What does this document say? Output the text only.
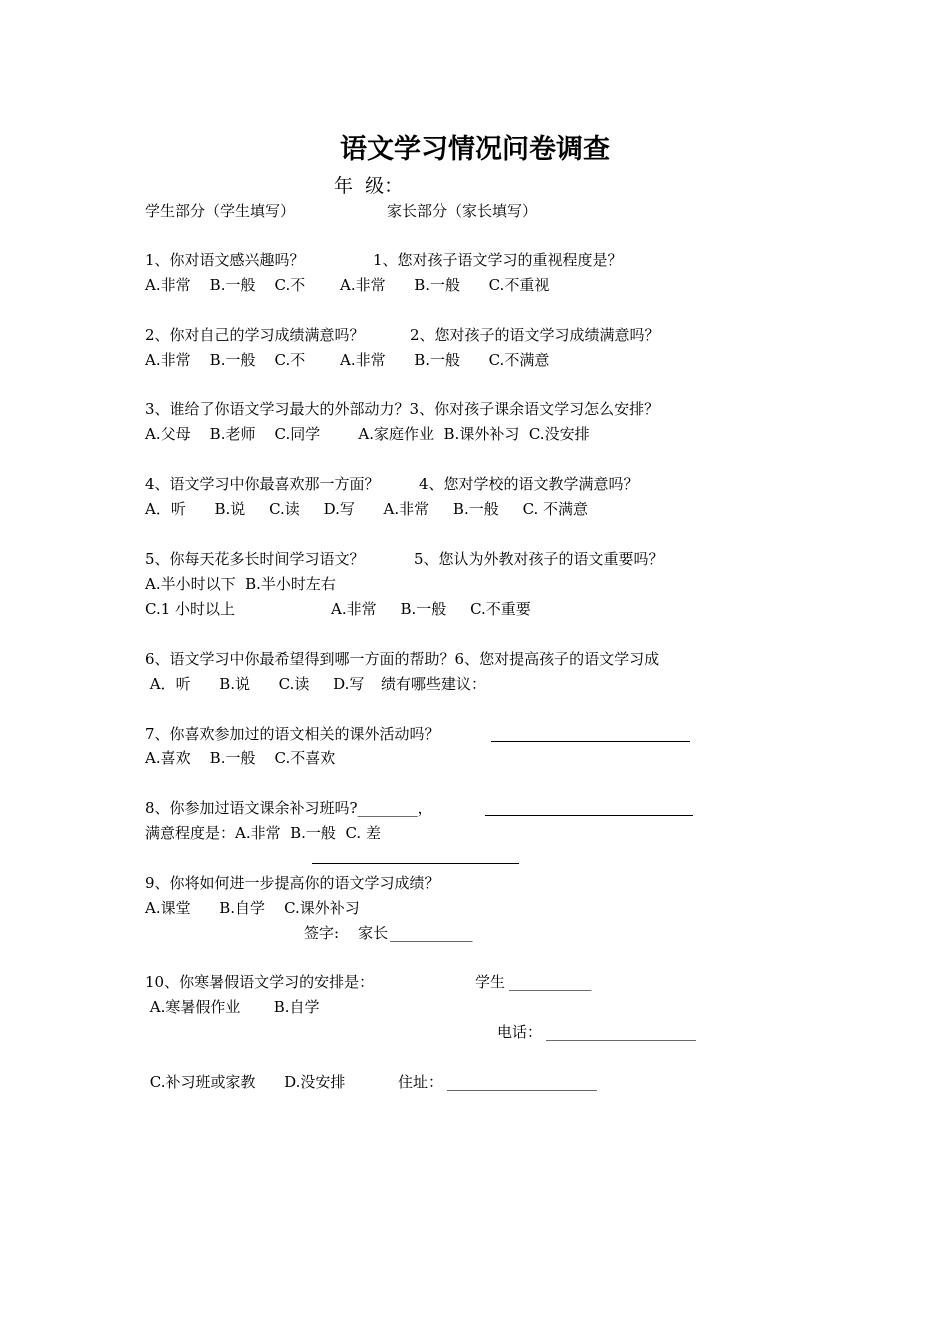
语文学习情况问卷调查
年  级：
学生部分（学生填写）	家长部分（家长填写）
1、你对语文感兴趣吗？	1、您对孩子语文学习的重视程度是？
A.非常    B.一般    C.不 A.非常      B.一般      C.不重视
2、你对自己的学习成绩满意吗？	2、您对孩子的语文学习成绩满意吗？
A.非常    B.一般    C.不 A.非常      B.一般      C.不满意
3、谁给了你语文学习最大的外部动力？3、你对孩子课余语文学习怎么安排？
A.父母    B.老师    C.同学        A.家庭作业  B.课外补习  C.没安排
4、语文学习中你最喜欢那一方面？	4、您对学校的语文教学满意吗？
A．听      B.说     C.读     D.写      A.非常     B.一般     C. 不满意
5、你每天花多长时间学习语文？	5、您认为外教对孩子的语文重要吗？
A.半小时以下  B.半小时左右
C.1 小时以上	A.非常     B.一般     C.不重要
6、语文学习中你最希望得到哪一方面的帮助？6、您对提高孩子的语文学习成
A．听      B.说      C.读     D.写 绩有哪些建议：
7、你喜欢参加过的语文相关的课外活动吗？
A.喜欢    B.一般    C.不喜欢
8、你参加过语文课余补习班吗?________，
满意程度是：A.非常  B.一般  C. 差
9、你将如何进一步提高你的语文学习成绩？
A.课堂      B.自学    C.课外补习
签字:    家长 ___________
10、你寒暑假语文学习的安排是：	学生 ___________
A.寒暑假作业       B.自学
电话： ____________________
C.补习班或家教      D.没安排	住址： ____________________
